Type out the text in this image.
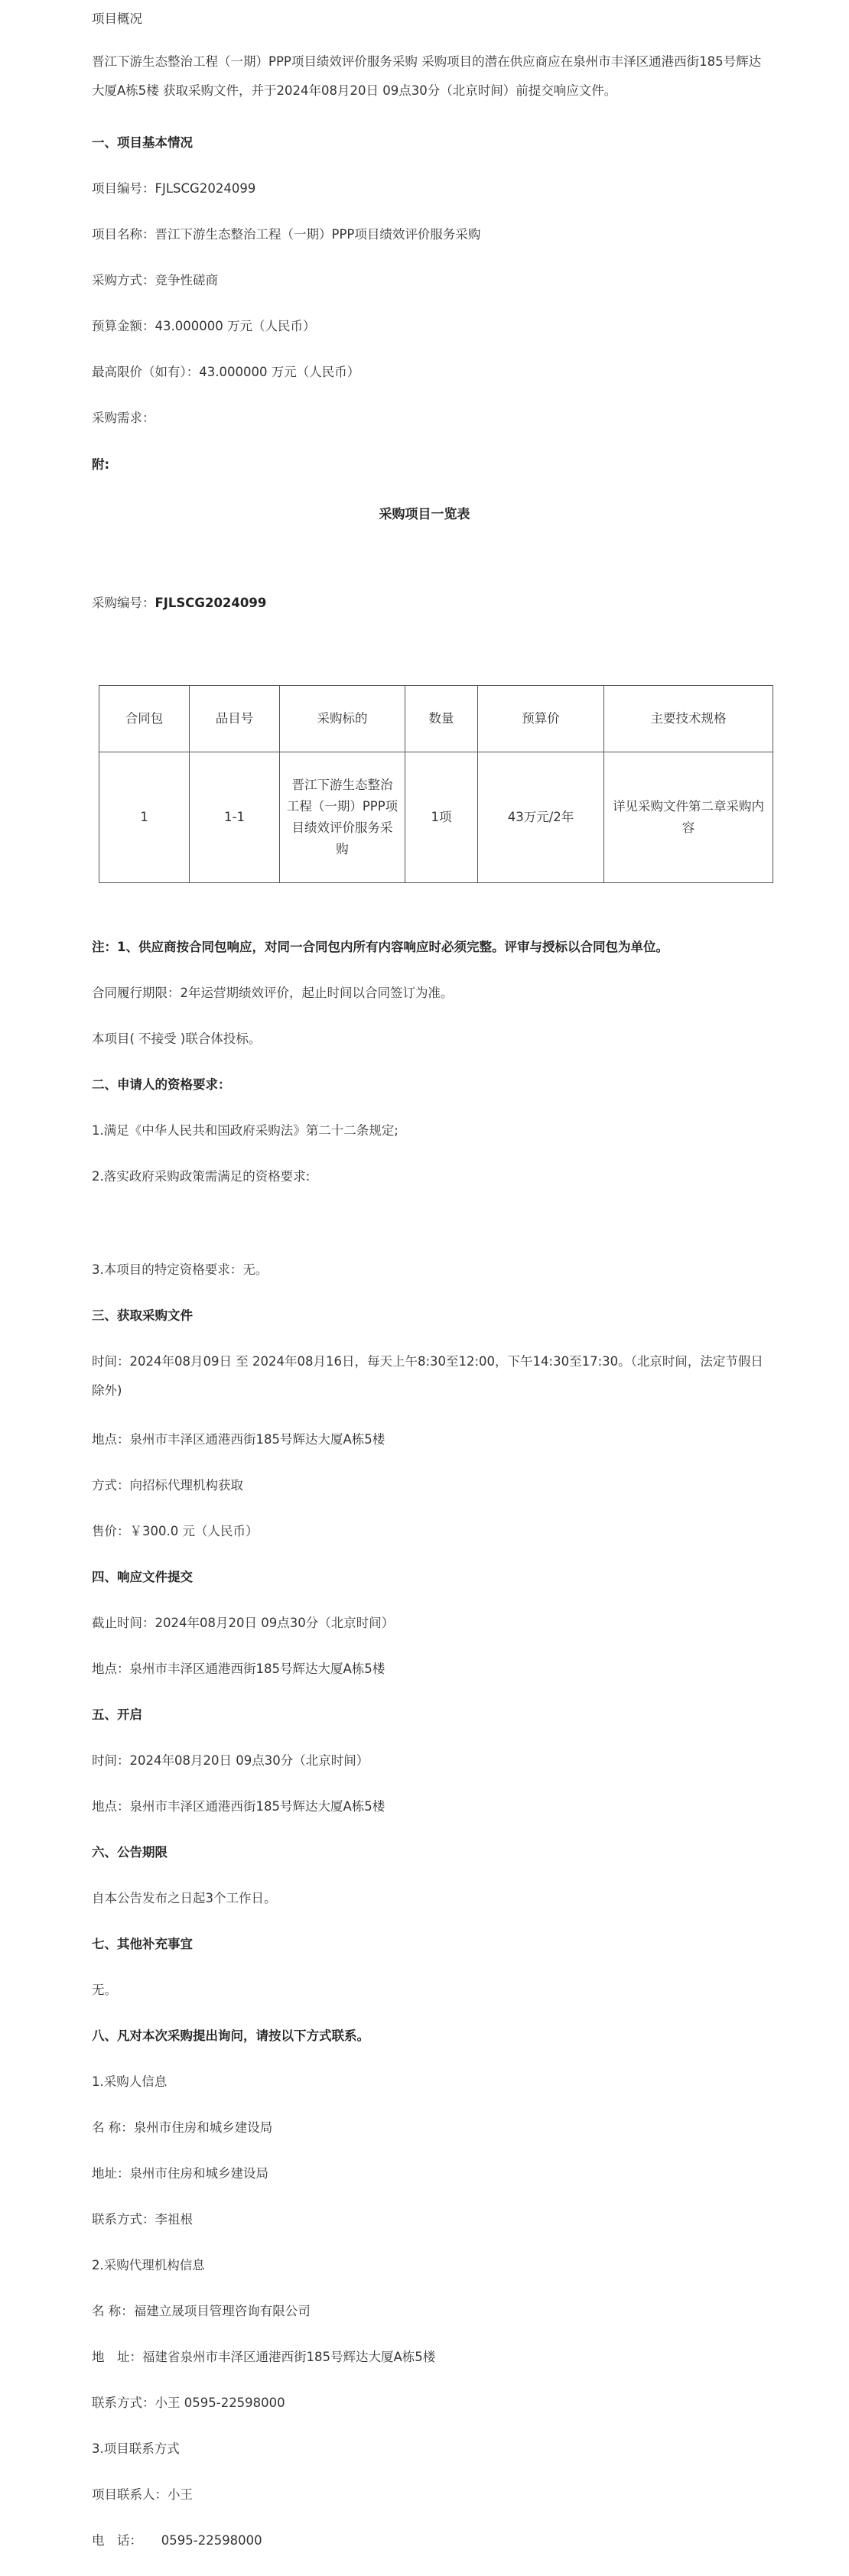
项目概况

晋江下游生态整治工程（一期）PPP项目绩效评价服务采购 采购项目的潜在供应商应在泉州市丰泽区通港西街185号辉达大厦A栋5楼 获取采购文件，并于2024年08月20日 09点30分（北京时间）前提交响应文件。

一、项目基本情况

项目编号：FJLSCG2024099

项目名称：晋江下游生态整治工程（一期）PPP项目绩效评价服务采购

采购方式：竞争性磋商

预算金额：43.000000 万元（人民币）

最高限价（如有）：43.000000 万元（人民币）

采购需求：

附:

采购项目一览表

采购编号：FJLSCG2024099

合同包	品目号	采购标的	数量	预算价	主要技术规格
1	1-1	晋江下游生态整治工程（一期）PPP项目绩效评价服务采购	1项	43万元/2年	详见采购文件第二章采购内容

注：1、供应商按合同包响应，对同一合同包内所有内容响应时必须完整。评审与授标以合同包为单位。

合同履行期限：2年运营期绩效评价，起止时间以合同签订为准。

本项目( 不接受 )联合体投标。

二、申请人的资格要求：

1.满足《中华人民共和国政府采购法》第二十二条规定;

2.落实政府采购政策需满足的资格要求:

3.本项目的特定资格要求：无。

三、获取采购文件

时间：2024年08月09日 至 2024年08月16日，每天上午8:30至12:00，下午14:30至17:30。（北京时间，法定节假日除外)

地点：泉州市丰泽区通港西街185号辉达大厦A栋5楼

方式：向招标代理机构获取

售价：￥300.0 元（人民币）

四、响应文件提交

截止时间：2024年08月20日 09点30分（北京时间）

地点：泉州市丰泽区通港西街185号辉达大厦A栋5楼

五、开启

时间：2024年08月20日 09点30分（北京时间）

地点：泉州市丰泽区通港西街185号辉达大厦A栋5楼

六、公告期限

自本公告发布之日起3个工作日。

七、其他补充事宜

无。

八、凡对本次采购提出询问，请按以下方式联系。

1.采购人信息

名 称：泉州市住房和城乡建设局

地址：泉州市住房和城乡建设局

联系方式：李祖根

2.采购代理机构信息

名 称：福建立晟项目管理咨询有限公司

地　址：福建省泉州市丰泽区通港西街185号辉达大厦A栋5楼

联系方式：小王 0595-22598000

3.项目联系方式

项目联系人：小王

电　话：　　0595-22598000
